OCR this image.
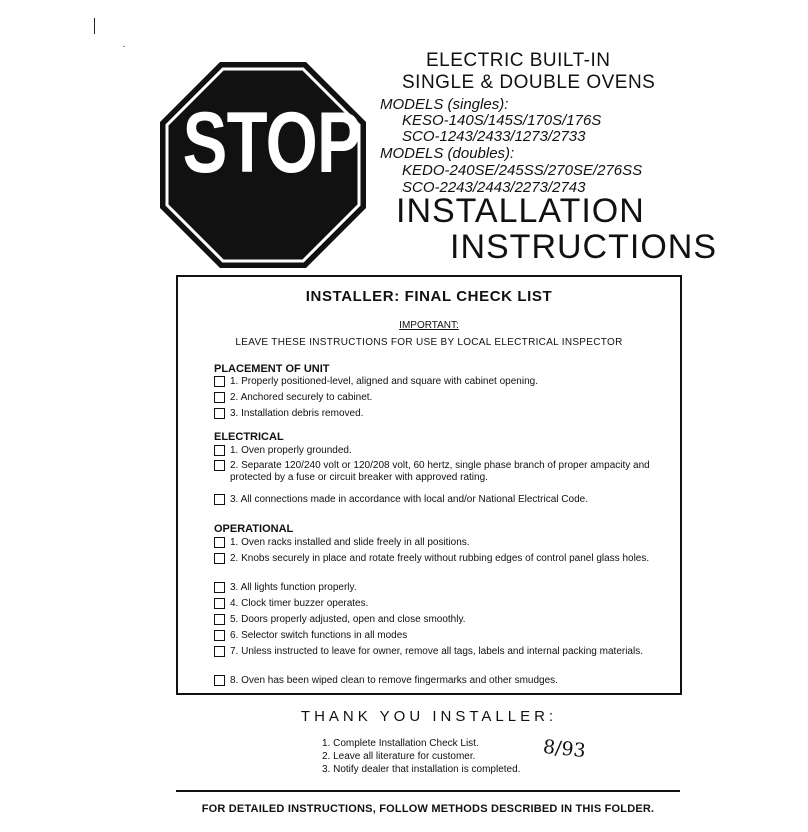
STOP
ELECTRIC BUILT-IN
SINGLE & DOUBLE OVENS
MODELS (singles):
KESO-140S/145S/170S/176S
SCO-1243/2433/1273/2733
MODELS (doubles):
KEDO-240SE/245SS/270SE/276SS
SCO-2243/2443/2273/2743
INSTALLATION
INSTRUCTIONS
INSTALLER: FINAL CHECK LIST
IMPORTANT:
LEAVE THESE INSTRUCTIONS FOR USE BY LOCAL ELECTRICAL INSPECTOR
PLACEMENT OF UNIT
1. Properly positioned-level, aligned and square with cabinet opening.
2. Anchored securely to cabinet.
3. Installation debris removed.
ELECTRICAL
1. Oven properly grounded.
2. Separate 120/240 volt or 120/208 volt, 60 hertz, single phase branch of proper ampacity and protected by a fuse or circuit breaker with approved rating.
3. All connections made in accordance with local and/or National Electrical Code.
OPERATIONAL
1. Oven racks installed and slide freely in all positions.
2. Knobs securely in place and rotate freely without rubbing edges of control panel glass holes.
3. All lights function properly.
4. Clock timer buzzer operates.
5. Doors properly adjusted, open and close smoothly.
6. Selector switch functions in all modes
7. Unless instructed to leave for owner, remove all tags, labels and internal packing materials.
8. Oven has been wiped clean to remove fingermarks and other smudges.
THANK YOU INSTALLER:
1. Complete Installation Check List.
2. Leave all literature for customer.
3. Notify dealer that installation is completed.
8/93
FOR DETAILED INSTRUCTIONS, FOLLOW METHODS DESCRIBED IN THIS FOLDER.
